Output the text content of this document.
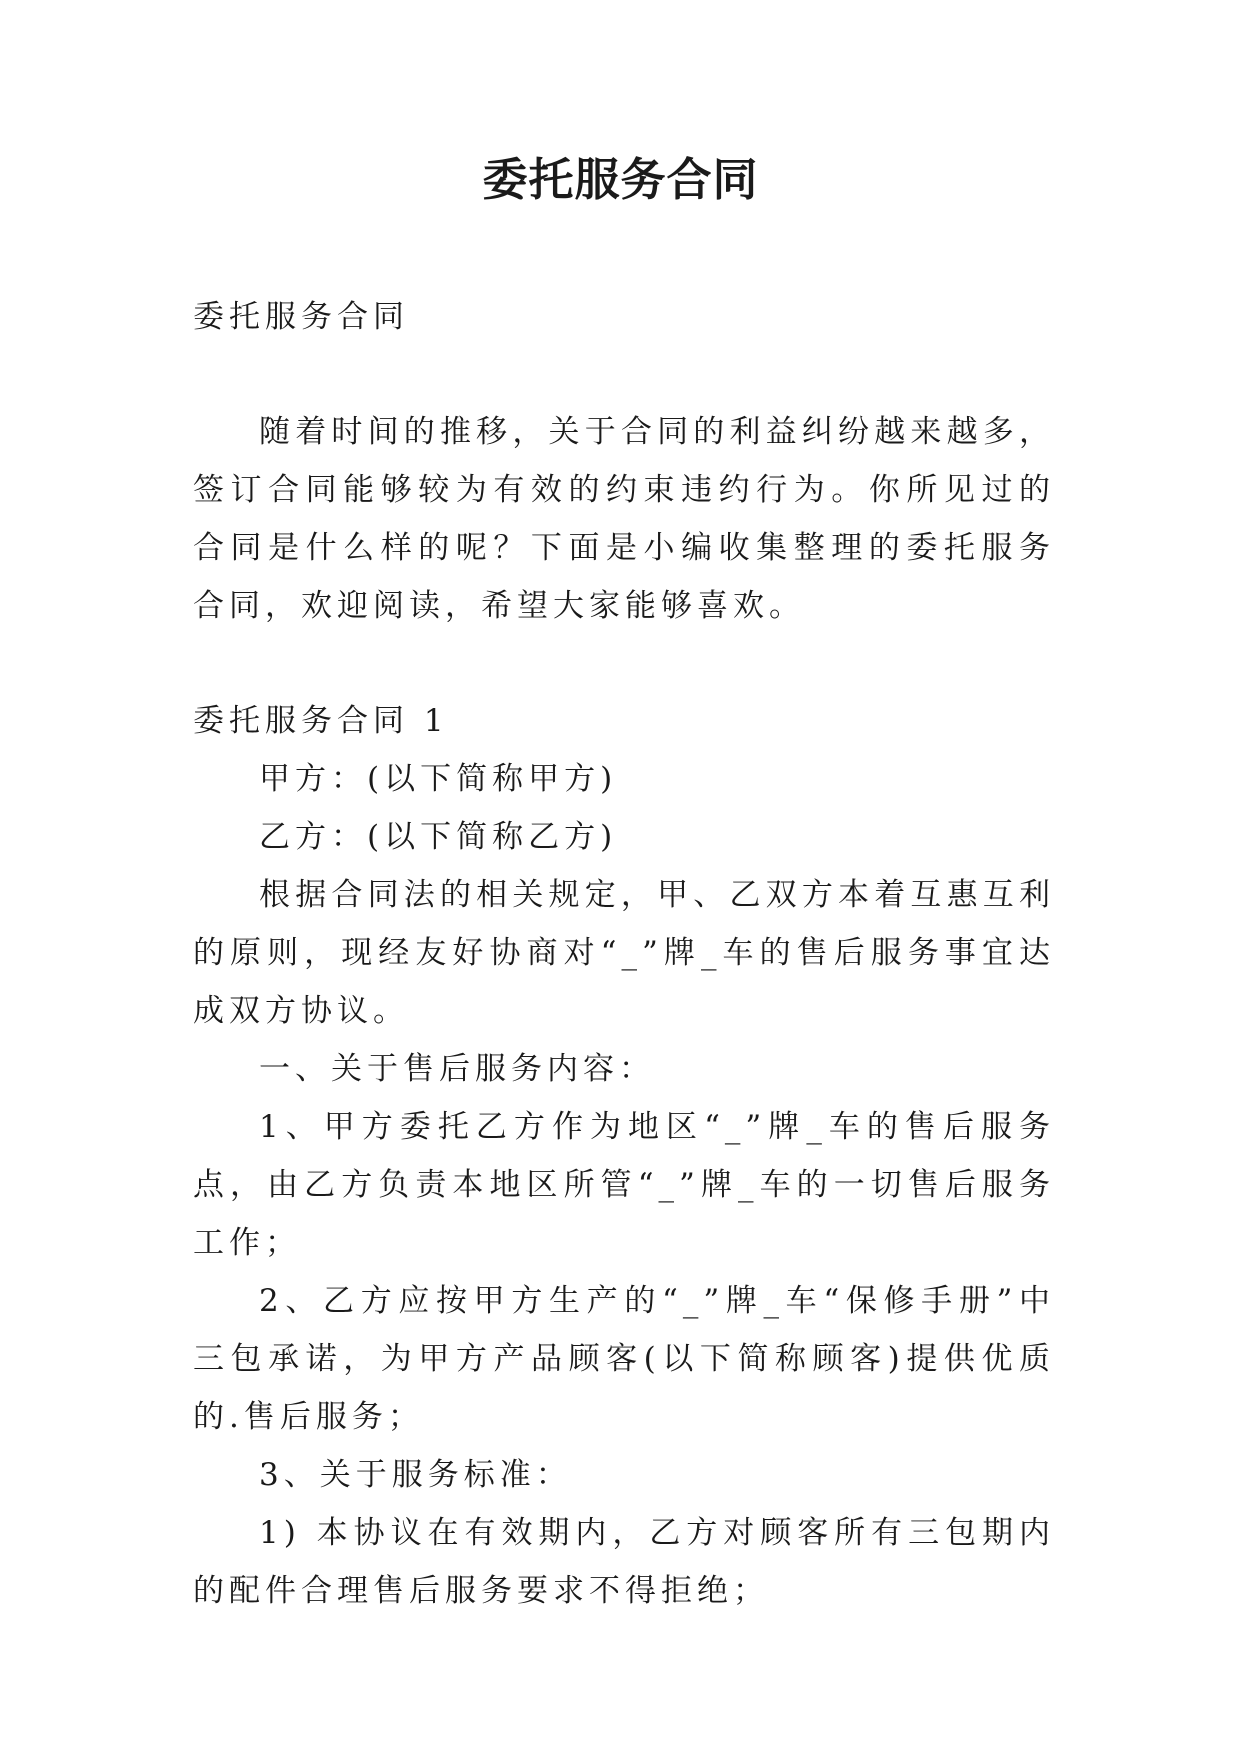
委托服务合同

委托服务合同

随着时间的推移，关于合同的利益纠纷越来越多，签订合同能够较为有效的约束违约行为。你所见过的合同是什么样的呢？下面是小编收集整理的委托服务合同，欢迎阅读，希望大家能够喜欢。

委托服务合同 1

甲方：(以下简称甲方)

乙方：(以下简称乙方)

根据合同法的相关规定，甲、乙双方本着互惠互利的原则，现经友好协商对“_”牌_车的售后服务事宜达成双方协议。

一、关于售后服务内容：

1、甲方委托乙方作为地区“_”牌_车的售后服务点，由乙方负责本地区所管“_”牌_车的一切售后服务工作；

2、乙方应按甲方生产的“_”牌_车“保修手册”中三包承诺，为甲方产品顾客(以下简称顾客)提供优质的.售后服务；

3、关于服务标准：

1) 本协议在有效期内，乙方对顾客所有三包期内的配件合理售后服务要求不得拒绝；
